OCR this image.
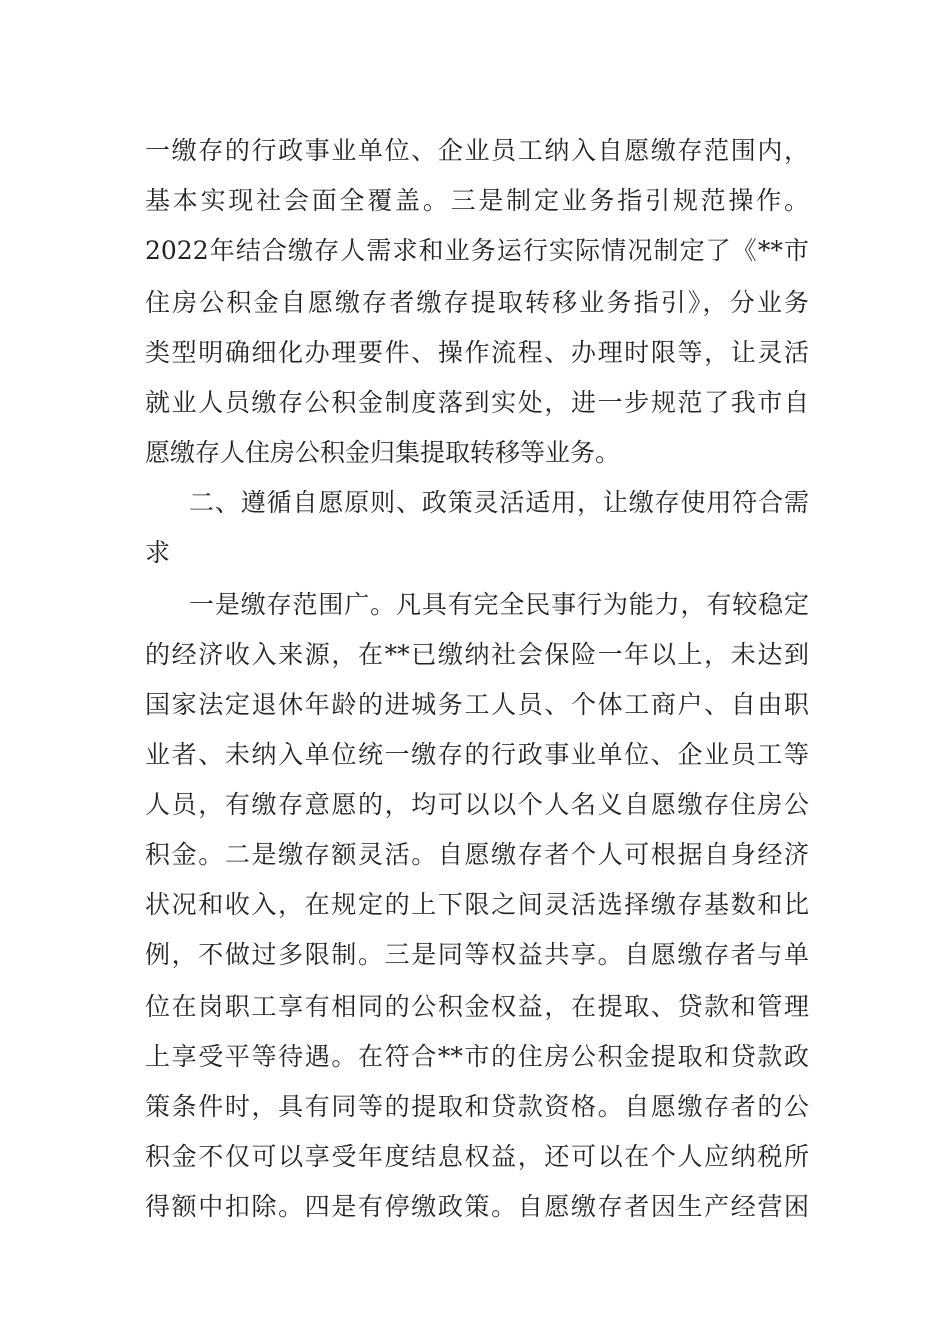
一缴存的行政事业单位、企业员工纳入自愿缴存范围内，
基本实现社会面全覆盖。三是制定业务指引规范操作。
2022年结合缴存人需求和业务运行实际情况制定了《**市
住房公积金自愿缴存者缴存提取转移业务指引》，分业务
类型明确细化办理要件、操作流程、办理时限等，让灵活
就业人员缴存公积金制度落到实处，进一步规范了我市自
愿缴存人住房公积金归集提取转移等业务。
二、遵循自愿原则、政策灵活适用，让缴存使用符合需
求
一是缴存范围广。凡具有完全民事行为能力，有较稳定
的经济收入来源，在**已缴纳社会保险一年以上，未达到
国家法定退休年龄的进城务工人员、个体工商户、自由职
业者、未纳入单位统一缴存的行政事业单位、企业员工等
人员，有缴存意愿的，均可以以个人名义自愿缴存住房公
积金。二是缴存额灵活。自愿缴存者个人可根据自身经济
状况和收入，在规定的上下限之间灵活选择缴存基数和比
例，不做过多限制。三是同等权益共享。自愿缴存者与单
位在岗职工享有相同的公积金权益，在提取、贷款和管理
上享受平等待遇。在符合**市的住房公积金提取和贷款政
策条件时，具有同等的提取和贷款资格。自愿缴存者的公
积金不仅可以享受年度结息权益，还可以在个人应纳税所
得额中扣除。四是有停缴政策。自愿缴存者因生产经营困
